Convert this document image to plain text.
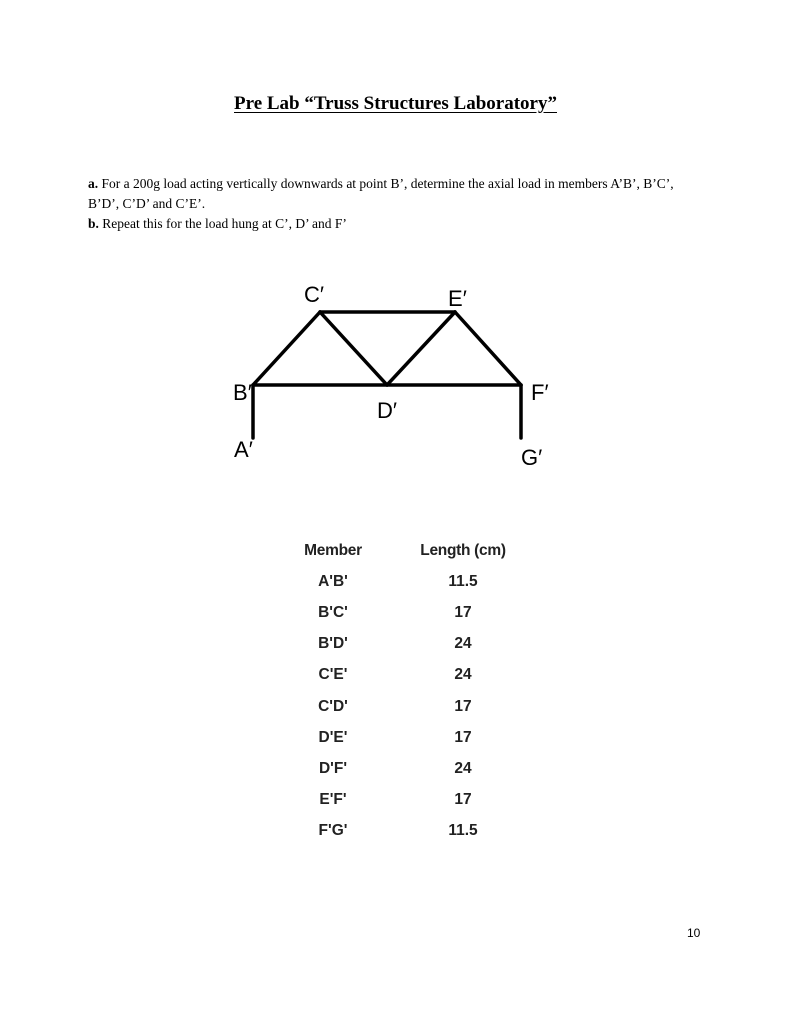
Pre Lab “Truss Structures Laboratory”
a. For a 200g load acting vertically downwards at point B’, determine the axial load in members A’B’, B’C’, B’D’, C’D’ and C’E’.
b. Repeat this for the load hung at C’, D’ and F’
C′	E′
B′	F′
D′
A′	G′
Member	Length (cm)
A'B'	11.5
B'C'	17
B'D'	24
C'E'	24
C'D'	17
D'E'	17
D'F'	24
E'F'	17
F'G'	11.5
10
